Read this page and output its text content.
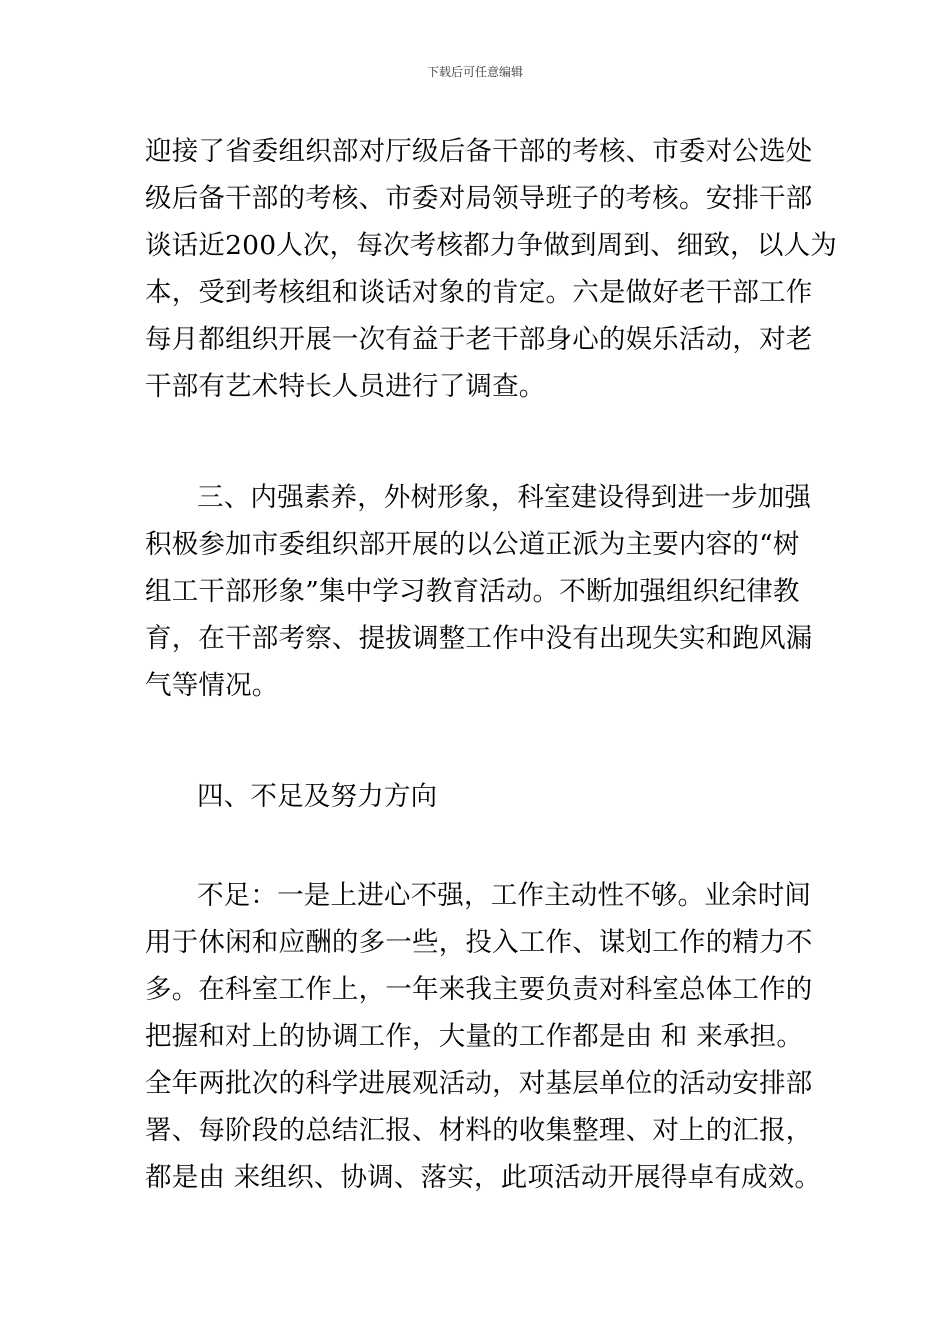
下载后可任意编辑
迎接了省委组织部对厅级后备干部的考核、市委对公选处
级后备干部的考核、市委对局领导班子的考核。安排干部
谈话近200人次，每次考核都力争做到周到、细致，以人为
本，受到考核组和谈话对象的肯定。六是做好老干部工作
每月都组织开展一次有益于老干部身心的娱乐活动，对老
干部有艺术特长人员进行了调查。
三、内强素养，外树形象，科室建设得到进一步加强
积极参加市委组织部开展的以公道正派为主要内容的“树
组工干部形象”集中学习教育活动。不断加强组织纪律教
育，在干部考察、提拔调整工作中没有出现失实和跑风漏
气等情况。
四、不足及努力方向
不足：一是上进心不强，工作主动性不够。业余时间
用于休闲和应酬的多一些，投入工作、谋划工作的精力不
多。在科室工作上，一年来我主要负责对科室总体工作的
把握和对上的协调工作，大量的工作都是由 和 来承担。
全年两批次的科学进展观活动，对基层单位的活动安排部
署、每阶段的总结汇报、材料的收集整理、对上的汇报，
都是由 来组织、协调、落实，此项活动开展得卓有成效。
